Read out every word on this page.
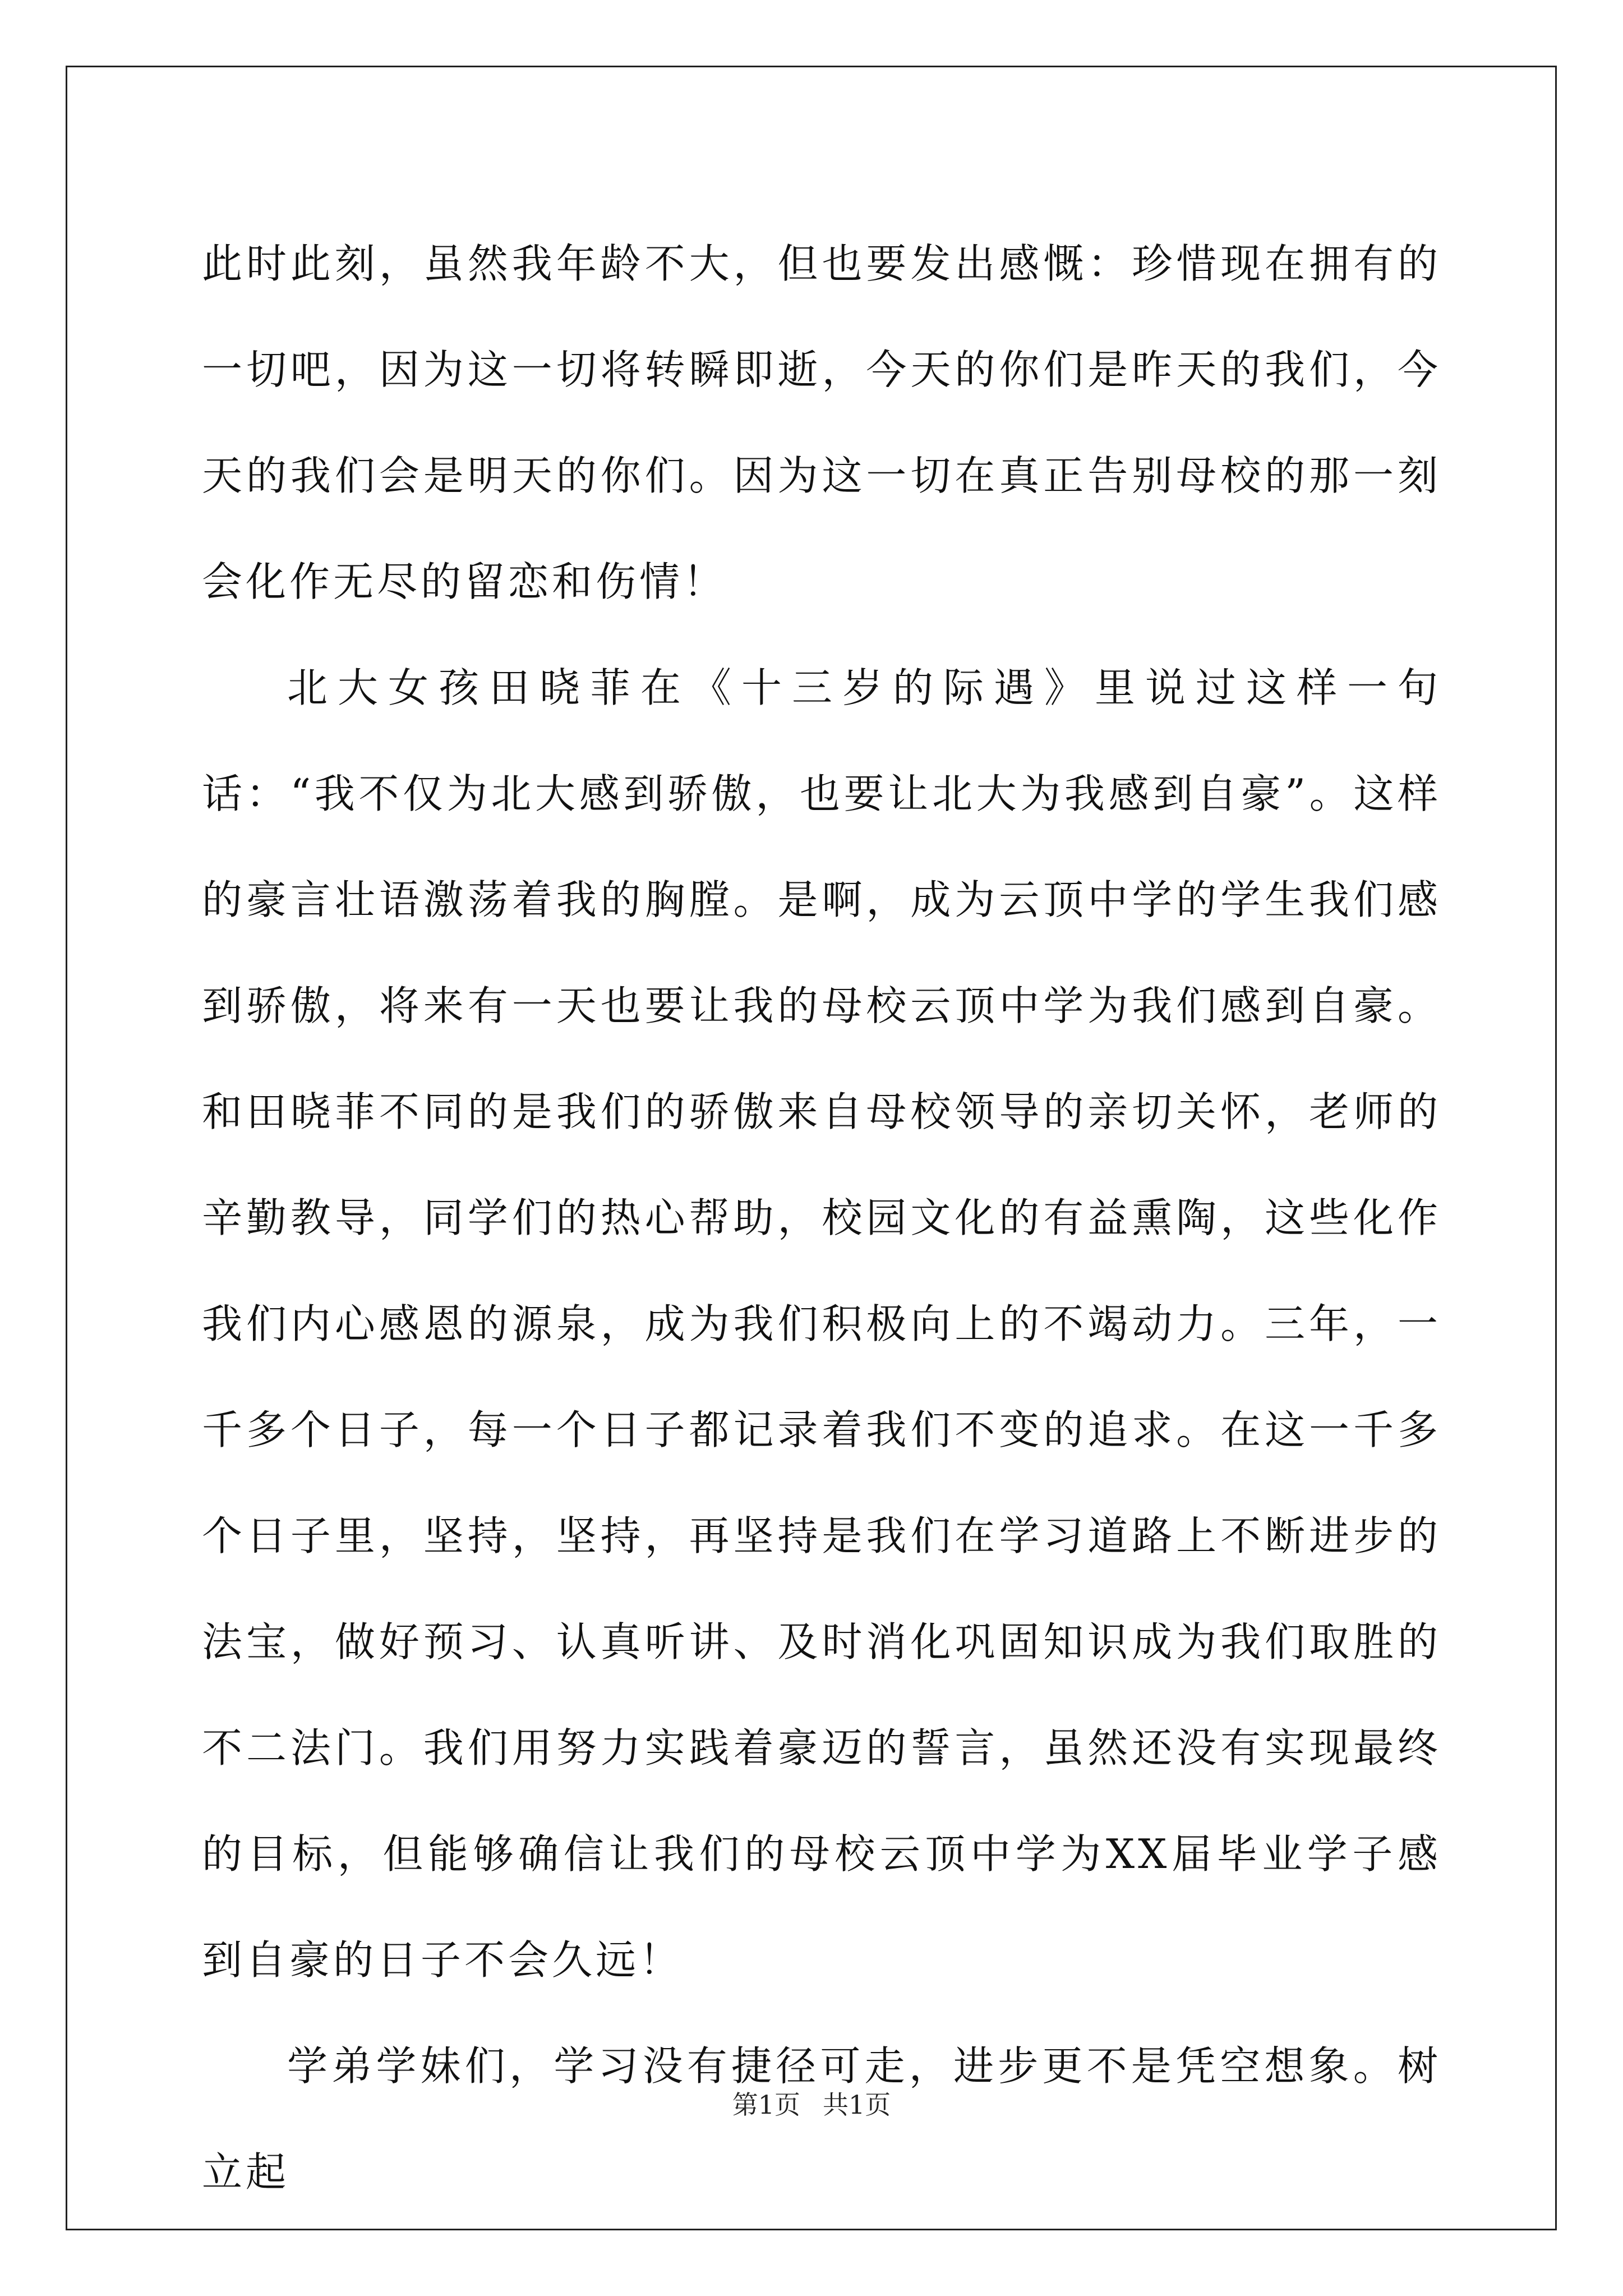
此时此刻，虽然我年龄不大，但也要发出感慨：珍惜现在拥有的一切吧，因为这一切将转瞬即逝，今天的你们是昨天的我们，今天的我们会是明天的你们。因为这一切在真正告别母校的那一刻会化作无尽的留恋和伤情！

北大女孩田晓菲在《十三岁的际遇》里说过这样一句话：“我不仅为北大感到骄傲，也要让北大为我感到自豪”。这样的豪言壮语激荡着我的胸膛。是啊，成为云顶中学的学生我们感到骄傲，将来有一天也要让我的母校云顶中学为我们感到自豪。和田晓菲不同的是我们的骄傲来自母校领导的亲切关怀，老师的辛勤教导，同学们的热心帮助，校园文化的有益熏陶，这些化作我们内心感恩的源泉，成为我们积极向上的不竭动力。三年，一千多个日子，每一个日子都记录着我们不变的追求。在这一千多个日子里，坚持，坚持，再坚持是我们在学习道路上不断进步的法宝，做好预习、认真听讲、及时消化巩固知识成为我们取胜的不二法门。我们用努力实践着豪迈的誓言，虽然还没有实现最终的目标，但能够确信让我们的母校云顶中学为XX届毕业学子感到自豪的日子不会久远！

学弟学妹们，学习没有捷径可走，进步更不是凭空想象。树立起

第1页 共1页
